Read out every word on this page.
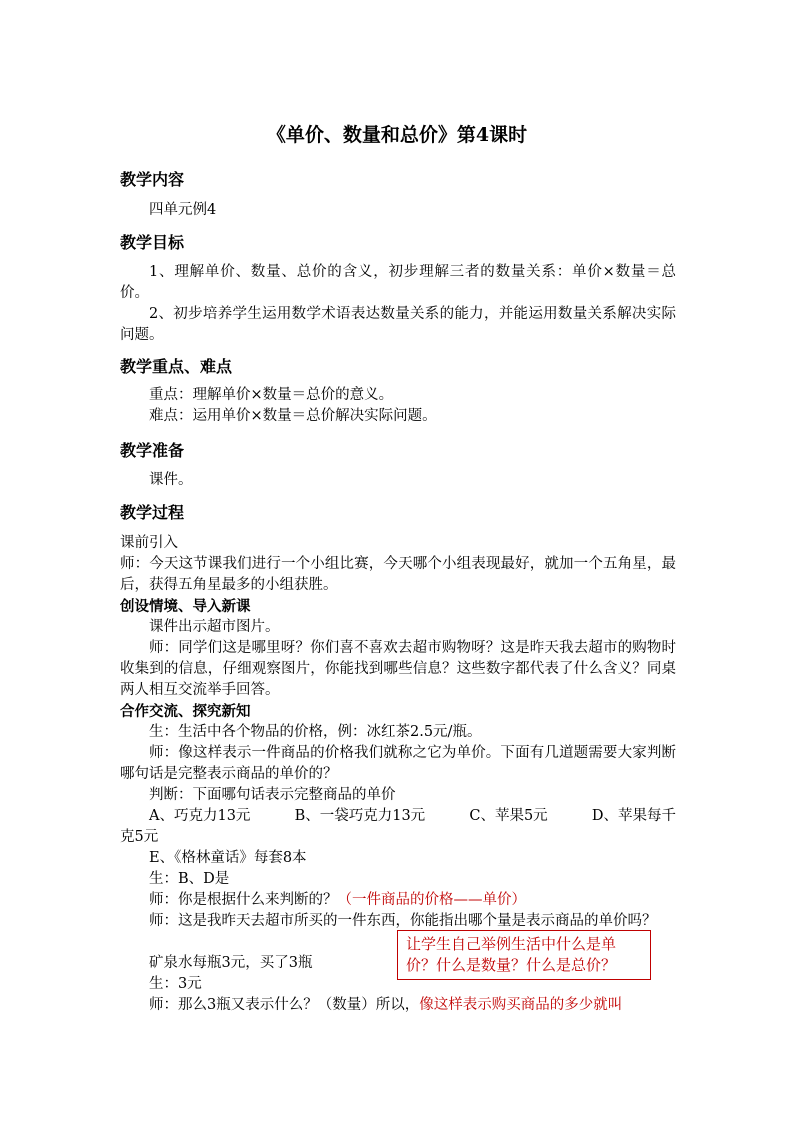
《单价、数量和总价》第4课时
教学内容
四单元例4
教学目标
1、理解单价、数量、总价的含义，初步理解三者的数量关系：单价×数量＝总价。
2、初步培养学生运用数学术语表达数量关系的能力，并能运用数量关系解决实际问题。
教学重点、难点
重点：理解单价×数量＝总价的意义。
难点：运用单价×数量＝总价解决实际问题。
教学准备
课件。
教学过程
课前引入
师：今天这节课我们进行一个小组比赛，今天哪个小组表现最好，就加一个五角星，最后，获得五角星最多的小组获胜。
创设情境、导入新课
课件出示超市图片。
师：同学们这是哪里呀？你们喜不喜欢去超市购物呀？这是昨天我去超市的购物时收集到的信息，仔细观察图片，你能找到哪些信息？这些数字都代表了什么含义？同桌两人相互交流举手回答。
合作交流、探究新知
生：生活中各个物品的价格，例：冰红茶2.5元/瓶。
师：像这样表示一件商品的价格我们就称之它为单价。下面有几道题需要大家判断哪句话是完整表示商品的单价的？
判断：下面哪句话表示完整商品的单价
A、巧克力13元	B、一袋巧克力13元	C、苹果5元	D、苹果每千
克5元
E、《格林童话》每套8本
生：B、D是
师：你是根据什么来判断的？（一件商品的价格——单价）
师：这是我昨天去超市所买的一件东西，你能指出哪个量是表示商品的单价吗？
矿泉水每瓶3元，买了3瓶
生：3元
师：那么3瓶又表示什么？（数量）所以，像这样表示购买商品的多少就叫
让学生自己举例生活中什么是单价？什么是数量？什么是总价？
